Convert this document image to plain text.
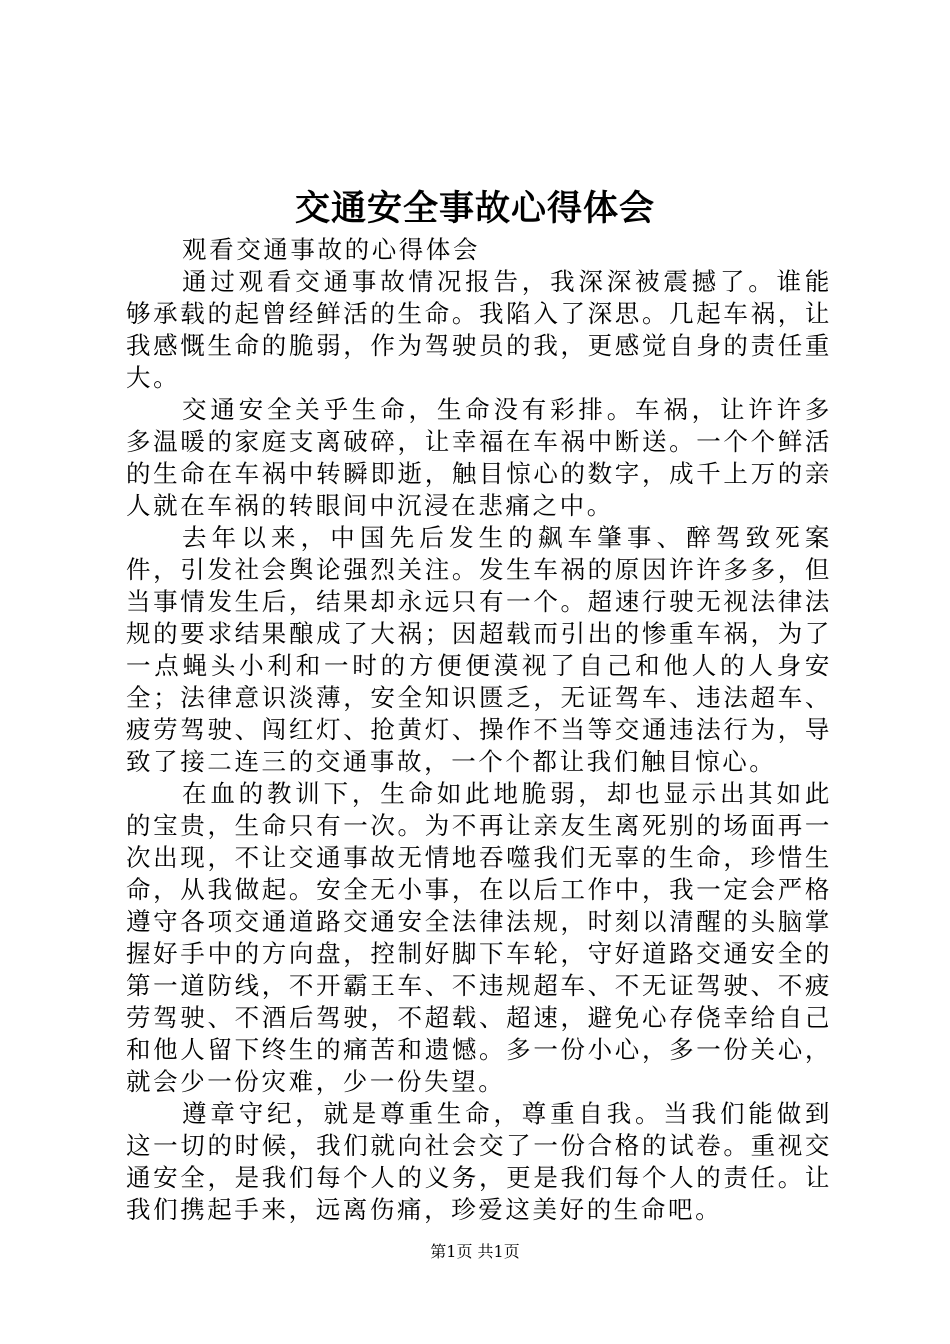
交通安全事故心得体会

观看交通事故的心得体会

通过观看交通事故情况报告，我深深被震撼了。谁能够承载的起曾经鲜活的生命。我陷入了深思。几起车祸，让我感慨生命的脆弱，作为驾驶员的我，更感觉自身的责任重大。

交通安全关乎生命，生命没有彩排。车祸，让许许多多温暖的家庭支离破碎，让幸福在车祸中断送。一个个鲜活的生命在车祸中转瞬即逝，触目惊心的数字，成千上万的亲人就在车祸的转眼间中沉浸在悲痛之中。

去年以来，中国先后发生的飙车肇事、醉驾致死案件，引发社会舆论强烈关注。发生车祸的原因许许多多，但当事情发生后，结果却永远只有一个。超速行驶无视法律法规的要求结果酿成了大祸；因超载而引出的惨重车祸，为了一点蝇头小利和一时的方便便漠视了自己和他人的人身安全；法律意识淡薄，安全知识匮乏，无证驾车、违法超车、疲劳驾驶、闯红灯、抢黄灯、操作不当等交通违法行为，导致了接二连三的交通事故，一个个都让我们触目惊心。

在血的教训下，生命如此地脆弱，却也显示出其如此的宝贵，生命只有一次。为不再让亲友生离死别的场面再一次出现，不让交通事故无情地吞噬我们无辜的生命，珍惜生命，从我做起。安全无小事，在以后工作中，我一定会严格遵守各项交通道路交通安全法律法规，时刻以清醒的头脑掌握好手中的方向盘，控制好脚下车轮，守好道路交通安全的第一道防线，不开霸王车、不违规超车、不无证驾驶、不疲劳驾驶、不酒后驾驶，不超载、超速，避免心存侥幸给自己和他人留下终生的痛苦和遗憾。多一份小心，多一份关心，就会少一份灾难，少一份失望。

遵章守纪，就是尊重生命，尊重自我。当我们能做到这一切的时候，我们就向社会交了一份合格的试卷。重视交通安全，是我们每个人的义务，更是我们每个人的责任。让我们携起手来，远离伤痛，珍爱这美好的生命吧。

第1页 共1页
